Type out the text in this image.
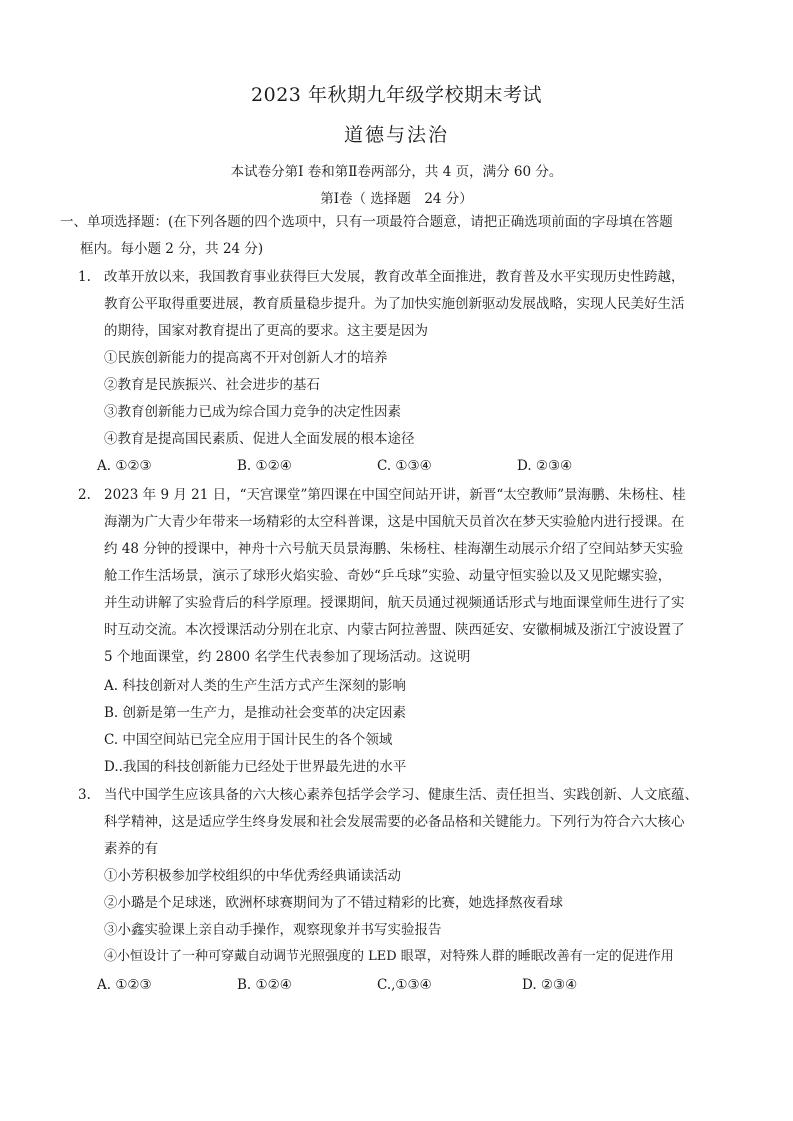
2023 年秋期九年级学校期末考试
道德与法治
本试卷分第Ⅰ 卷和第Ⅱ卷两部分，共 4 页，满分 60 分。
第Ⅰ卷（ 选择题　24 分）
一、单项选择题：(在下列各题的四个选项中，只有一项最符合题意，请把正确选项前面的字母填在答题
框内。每小题 2 分，共 24 分)
1. 改革开放以来，我国教育事业获得巨大发展，教育改革全面推进，教育普及水平实现历史性跨越，
教育公平取得重要进展，教育质量稳步提升。为了加快实施创新驱动发展战略，实现人民美好生活
的期待，国家对教育提出了更高的要求。这主要是因为
①民族创新能力的提高离不开对创新人才的培养
②教育是民族振兴、社会进步的基石
③教育创新能力已成为综合国力竞争的决定性因素
④教育是提高国民素质、促进人全面发展的根本途径
A. ①②③	B. ①②④	C. ①③④	D. ②③④
2. 2023 年 9 月 21 日，“天宫课堂”第四课在中国空间站开讲，新晋“太空教师”景海鹏、朱杨柱、桂
海潮为广大青少年带来一场精彩的太空科普课，这是中国航天员首次在梦天实验舱内进行授课。在
约 48 分钟的授课中，神舟十六号航天员景海鹏、朱杨柱、桂海潮生动展示介绍了空间站梦天实验
舱工作生活场景，演示了球形火焰实验、奇妙“乒乓球”实验、动量守恒实验以及又见陀螺实验，
并生动讲解了实验背后的科学原理。授课期间，航天员通过视频通话形式与地面课堂师生进行了实
时互动交流。本次授课活动分别在北京、内蒙古阿拉善盟、陕西延安、安徽桐城及浙江宁波设置了
5 个地面课堂，约 2800 名学生代表参加了现场活动。这说明
A. 科技创新对人类的生产生活方式产生深刻的影响
B. 创新是第一生产力，是推动社会变革的决定因素
C. 中国空间站已完全应用于国计民生的各个领域
D..我国的科技创新能力已经处于世界最先进的水平
3. 当代中国学生应该具备的六大核心素养包括学会学习、健康生活、责任担当、实践创新、人文底蕴、
科学精神，这是适应学生终身发展和社会发展需要的必备品格和关键能力。下列行为符合六大核心
素养的有
①小芳积极参加学校组织的中华优秀经典诵读活动
②小璐是个足球迷，欧洲杯球赛期间为了不错过精彩的比赛，她选择熬夜看球
③小鑫实验课上亲自动手操作，观察现象并书写实验报告
④小恒设计了一种可穿戴自动调节光照强度的 LED 眼罩，对特殊人群的睡眠改善有一定的促进作用
A. ①②③	B. ①②④	C.,①③④	D. ②③④
